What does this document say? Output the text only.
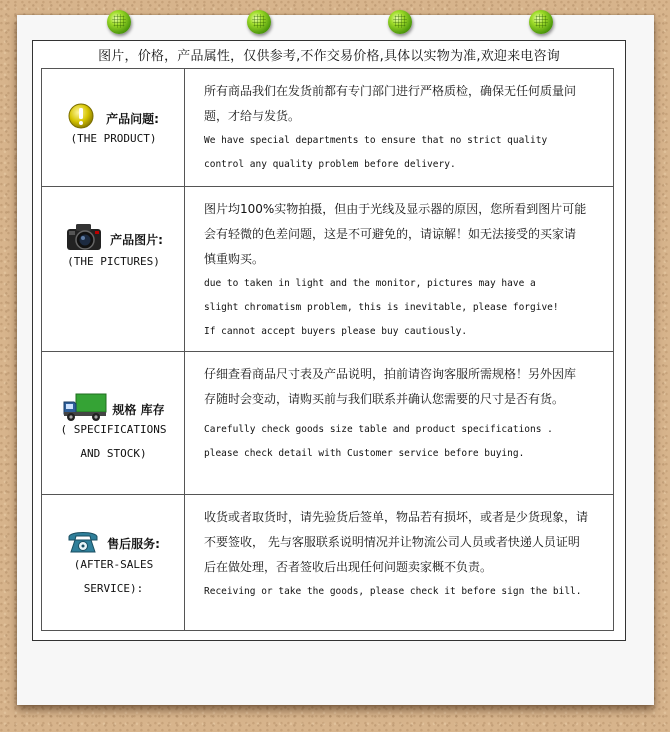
图片，价格，产品属性，仅供参考,不作交易价格,具体以实物为准,欢迎来电咨询
产品问题:
(THE PRODUCT)
所有商品我们在发货前都有专门部门进行严格质检，确保无任何质量问
题，才给与发货。
We have special departments to ensure that no strict quality
control any quality problem before delivery.
产品图片:
(THE PICTURES)
图片均100%实物拍摄，但由于光线及显示器的原因，您所看到图片可能
会有轻微的色差问题，这是不可避免的，请谅解！如无法接受的买家请
慎重购买。
due to taken in light and the monitor, pictures may have a
slight chromatism problem, this is inevitable, please forgive!
If cannot accept buyers please buy cautiously.
规格 库存
( SPECIFICATIONS
AND STOCK)
仔细查看商品尺寸表及产品说明，拍前请咨询客服所需规格！另外因库
存随时会变动，请购买前与我们联系并确认您需要的尺寸是否有货。
Carefully check goods size table and product specifications .
please check detail with Customer service before buying.
售后服务:
(AFTER-SALES
SERVICE):
收货或者取货时，请先验货后签单，物品若有损坏，或者是少货现象，请
不要签收， 先与客服联系说明情况并让物流公司人员或者快递人员证明
后在做处理，否者签收后出现任何问题卖家概不负责。
Receiving or take the goods, please check it before sign the bill.
